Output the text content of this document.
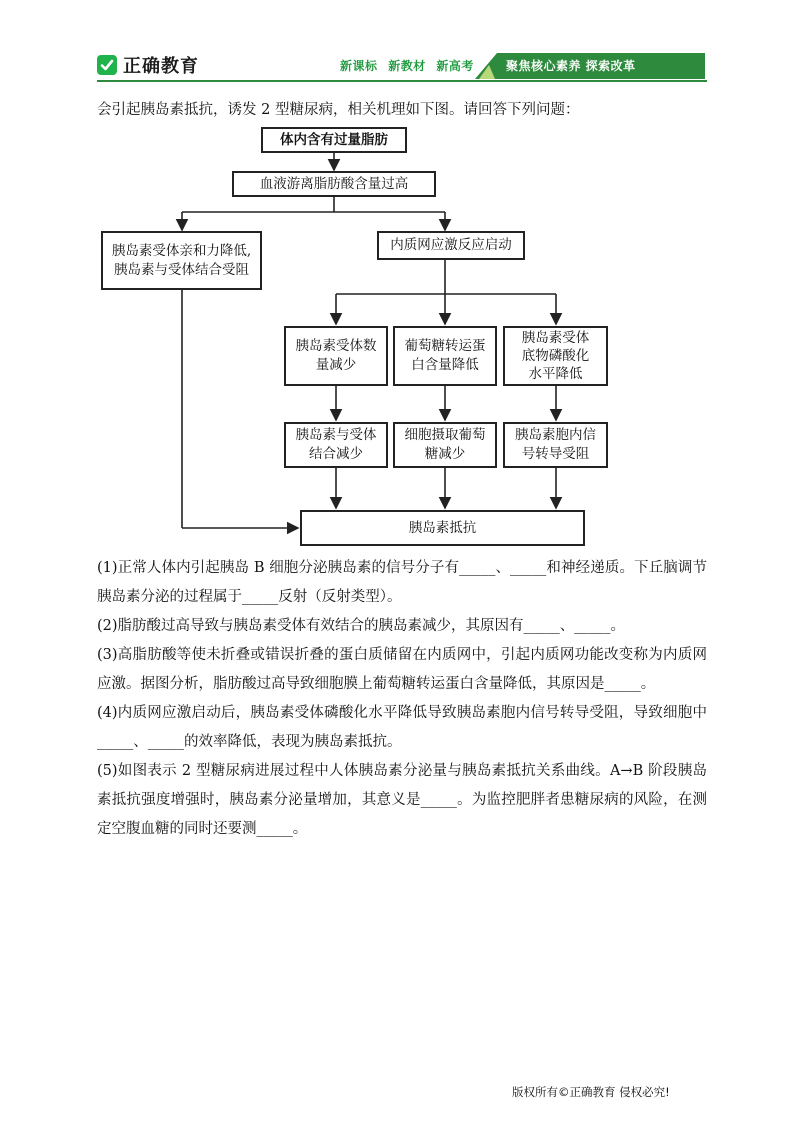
正确教育	新课标 新教材 新高考	聚焦核心素养 探索改革
会引起胰岛素抵抗，诱发 2 型糖尿病，相关机理如下图。请回答下列问题：
体内含有过量脂肪
血液游离脂肪酸含量过高
胰岛素受体亲和力降低,
胰岛素与受体结合受阻
内质网应激反应启动
胰岛素受体数
量减少
葡萄糖转运蛋
白含量降低
胰岛素受体
底物磷酸化
水平降低
胰岛素与受体
结合减少
细胞摄取葡萄
糖减少
胰岛素胞内信
号转导受阻
胰岛素抵抗

(1)正常人体内引起胰岛 B 细胞分泌胰岛素的信号分子有_____、_____和神经递质。下丘脑调节胰岛素分泌的过程属于_____反射（反射类型）。

(2)脂肪酸过高导致与胰岛素受体有效结合的胰岛素减少，其原因有_____、_____。

(3)高脂肪酸等使未折叠或错误折叠的蛋白质储留在内质网中，引起内质网功能改变称为内质网应激。据图分析，脂肪酸过高导致细胞膜上葡萄糖转运蛋白含量降低，其原因是_____。

(4)内质网应激启动后，胰岛素受体磷酸化水平降低导致胰岛素胞内信号转导受阻，导致细胞中_____、_____的效率降低，表现为胰岛素抵抗。

(5)如图表示 2 型糖尿病进展过程中人体胰岛素分泌量与胰岛素抵抗关系曲线。A→B 阶段胰岛素抵抗强度增强时，胰岛素分泌量增加，其意义是_____。为监控肥胖者患糖尿病的风险，在测定空腹血糖的同时还要测_____。

版权所有©正确教育 侵权必究!
